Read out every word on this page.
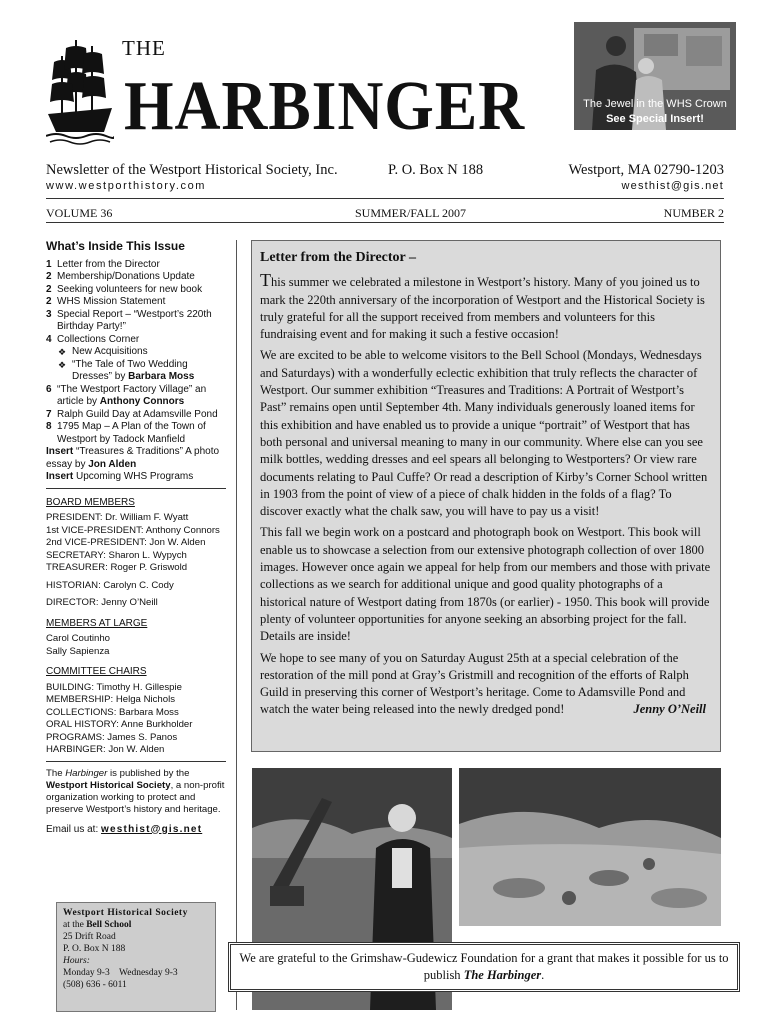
THE
HARBINGER	The Jewel in the WHS Crown
See Special Insert!
Newsletter of the Westport Historical Society, Inc.	P. O. Box N 188	Westport, MA 02790-1203
www.westporthistory.com	westhist@gis.net
VOLUME 36	SUMMER/FALL 2007	NUMBER 2
What’s Inside This Issue
1 Letter from the Director
2 Membership/Donations Update
2 Seeking volunteers for new book
2 WHS Mission Statement
3 Special Report – “Westport’s 220th Birthday Party!”
4 Collections Corner
❖ New Acquisitions
❖ “The Tale of Two Wedding Dresses” by Barbara Moss
6 “The Westport Factory Village” an article by Anthony Connors
7 Ralph Guild Day at Adamsville Pond
8 1795 Map – A Plan of the Town of Westport by Tadock Manfield
Insert “Treasures & Traditions” A photo essay by Jon Alden
Insert Upcoming WHS Programs
BOARD MEMBERS
PRESIDENT: Dr. William F. Wyatt
1st VICE-PRESIDENT: Anthony Connors
2nd VICE-PRESIDENT: Jon W. Alden
SECRETARY: Sharon L. Wypych
TREASURER: Roger P. Griswold
HISTORIAN: Carolyn C. Cody
DIRECTOR: Jenny O’Neill
MEMBERS AT LARGE
Carol Coutinho
Sally Sapienza
COMMITTEE CHAIRS
BUILDING: Timothy H. Gillespie
MEMBERSHIP: Helga Nichols
COLLECTIONS: Barbara Moss
ORAL HISTORY: Anne Burkholder
PROGRAMS: James S. Panos
HARBINGER: Jon W. Alden
The Harbinger is published by the Westport Historical Society, a non-profit organization working to protect and preserve Westport’s history and heritage.
Email us at: westhist@gis.net
Letter from the Director –

This summer we celebrated a milestone in Westport’s history. Many of you joined us to mark the 220th anniversary of the incorporation of Westport and the Historical Society is truly grateful for all the support received from members and volunteers for this fundraising event and for making it such a festive occasion!

We are excited to be able to welcome visitors to the Bell School (Mondays, Wednesdays and Saturdays) with a wonderfully eclectic exhibition that truly reflects the character of Westport. Our summer exhibition “Treasures and Traditions: A Portrait of Westport’s Past” remains open until September 4th. Many individuals generously loaned items for this exhibition and have enabled us to provide a unique “portrait” of Westport that has both personal and universal meaning to many in our community. Where else can you see milk bottles, wedding dresses and eel spears all belonging to Westporters? Or view rare documents relating to Paul Cuffe? Or read a description of Kirby’s Corner School written in 1903 from the point of view of a piece of chalk hidden in the folds of a flag? To discover exactly what the chalk saw, you will have to pay us a visit!

This fall we begin work on a postcard and photograph book on Westport. This book will enable us to showcase a selection from our extensive photograph collection of over 1800 images. However once again we appeal for help from our members and those with private collections as we search for additional unique and good quality photographs of a historical nature of Westport dating from 1870s (or earlier) - 1950. This book will provide plenty of volunteer opportunities for anyone seeking an absorbing project for the fall. Details are inside!

We hope to see many of you on Saturday August 25th at a special celebration of the restoration of the mill pond at Gray’s Gristmill and recognition of the efforts of Ralph Guild in preserving this corner of Westport’s heritage. Come to Adamsville Pond and watch the water being released into the newly dredged pond!	Jenny O’Neill

Westport Historical Society
at the Bell School
25 Drift Road
P. O. Box N 188
Hours:
Monday 9-3    Wednesday 9-3
(508) 636 - 6011
We are grateful to the Grimshaw-Gudewicz Foundation for a grant that makes it possible for us to publish The Harbinger.
